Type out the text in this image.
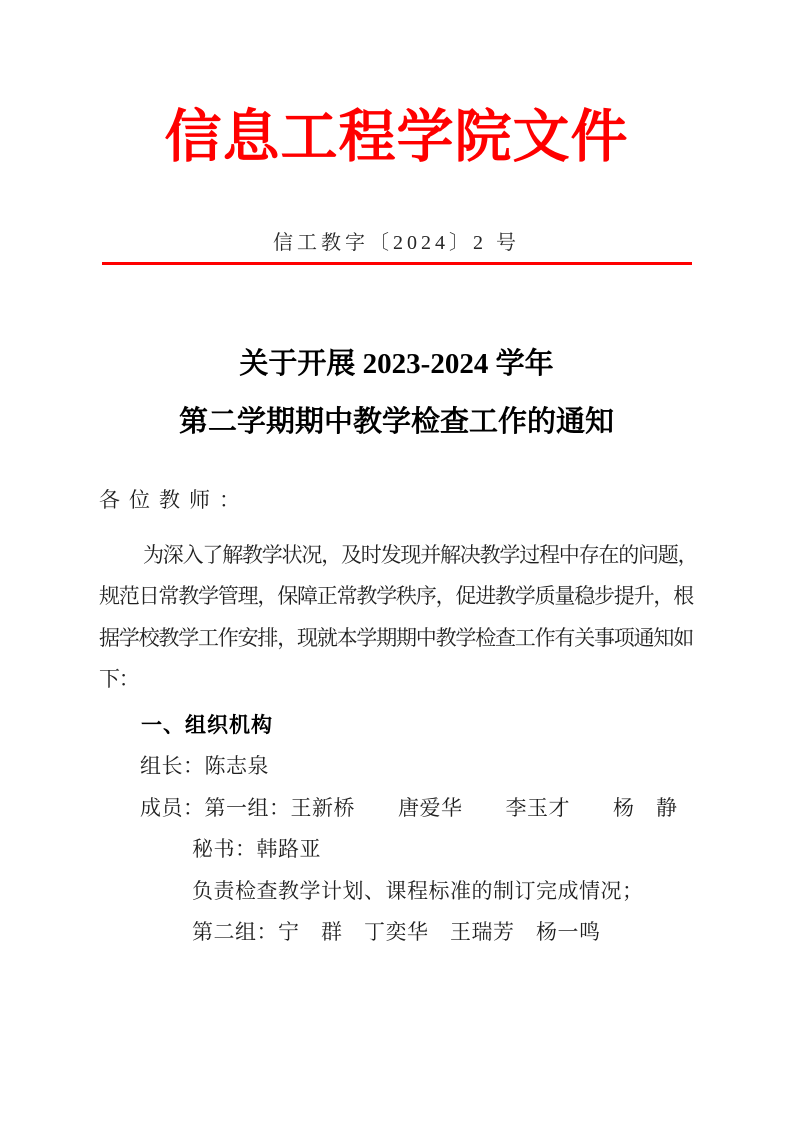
信息工程学院文件
信工教字〔2024〕2 号
关于开展 2023-2024 学年
第二学期期中教学检查工作的通知
各位教师：
为深入了解教学状况，及时发现并解决教学过程中存在的问题，
规范日常教学管理，保障正常教学秩序，促进教学质量稳步提升，根
据学校教学工作安排，现就本学期期中教学检查工作有关事项通知如
下：
一、组织机构
组长：陈志泉
成员：第一组：王新桥　　唐爱华　　李玉才　　杨　静
秘书：韩路亚
负责检查教学计划、课程标准的制订完成情况；
第二组：宁　群　丁奕华　王瑞芳　杨一鸣
